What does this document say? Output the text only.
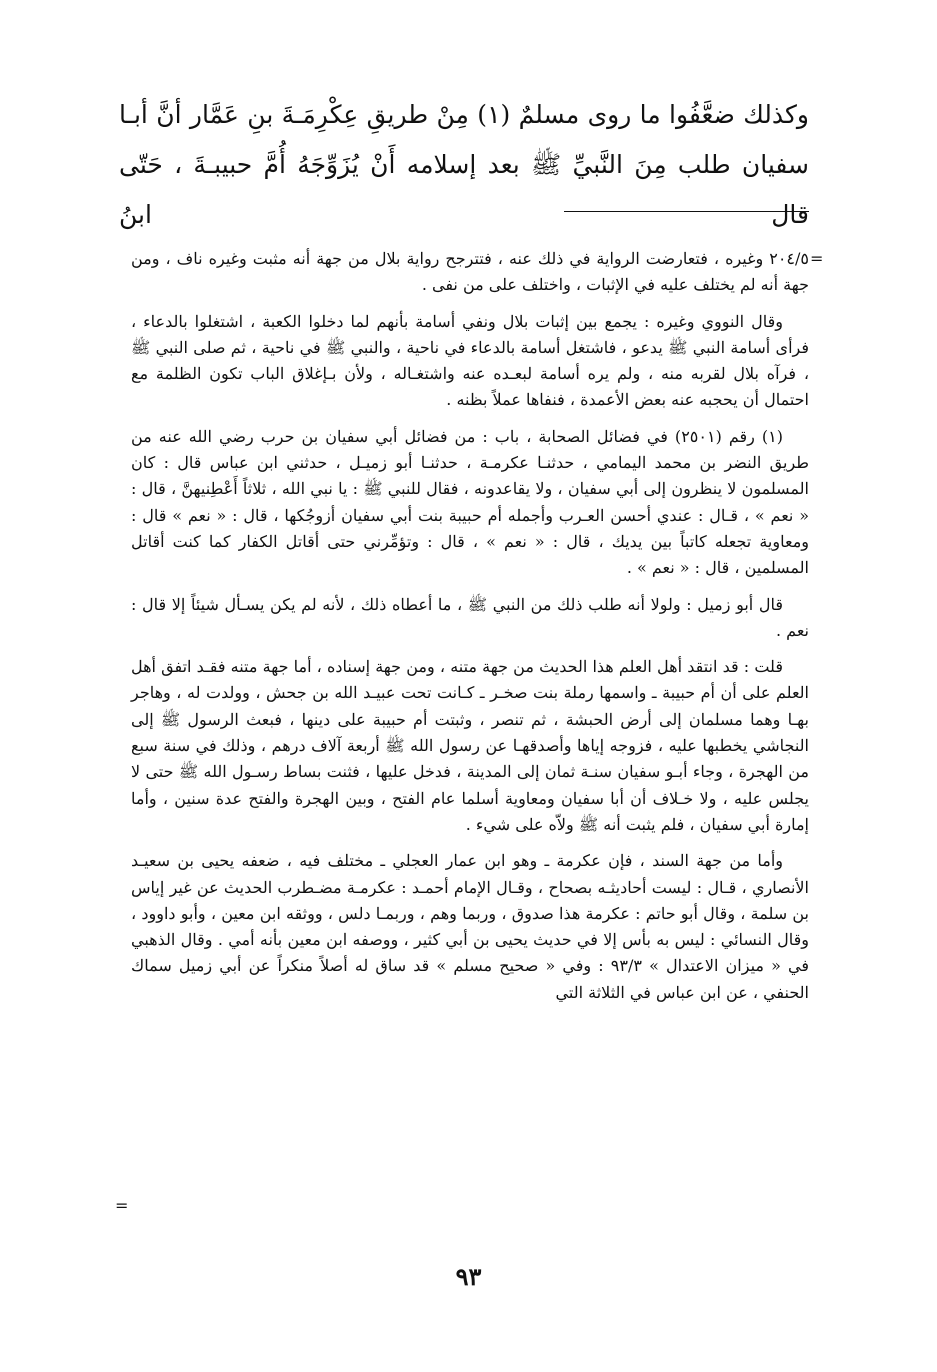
وكذلك ضعَّفُوا ما روى مسلمٌ (١) مِنْ طريقِ عِكْرِمَـةَ بنِ عَمَّار أنَّ أبـا

سفيان طلب مِنَ النَّبيِّ ﷺ بعد إسلامه أَنْ يُزَوِّجَهُ أُمَّ حبيبـةَ ، حَتّى قال ابنُ

=

٢٠٤/٥ وغيره ، فتعارضت الرواية في ذلك عنه ، فتترجح رواية بلال من جهة أنه مثبت وغيره ناف ، ومن جهة أنه لم يختلف عليه في الإثبات ، واختلف على من نفى .

وقال النووي وغيره : يجمع بين إثبات بلال ونفي أسامة بأنهم لما دخلوا الكعبة ، اشتغلوا بالدعاء ، فرأى أسامة النبي ﷺ يدعو ، فاشتغل أسامة بالدعاء في ناحية ، والنبي ﷺ في ناحية ، ثم صلى النبي ﷺ ، فرآه بلال لقربه منه ، ولم يره أسامة لبعـده عنه واشتغـاله ، ولأن بـإغلاق الباب تكون الظلمة مع احتمال أن يحجبه عنه بعض الأعمدة ، فنفاها عملاً بظنه .

(١) رقم (٢٥٠١) في فضائل الصحابة ، باب : من فضائل أبي سفيان بن حرب رضي الله عنه من طريق النضر بن محمد اليمامي ، حدثنـا عكرمـة ، حدثنـا أبو زميـل ، حدثني ابن عباس قال : كان المسلمون لا ينظرون إلى أبي سفيان ، ولا يقاعدونه ، فقال للنبي ﷺ : يا نبي الله ، ثلاثاً أَعْطِنيهنَّ ، قال : « نعم » ، قـال : عندي أحسن العـرب وأجمله أم حبيبة بنت أبي سفيان أزوجُكها ، قال : « نعم » قال : ومعاوية تجعله كاتباً بين يديك ، قال : « نعم » ، قال : وتؤمِّرني حتى أقاتل الكفار كما كنت أقاتل المسلمين ، قال : « نعم » .

قال أبو زميل : ولولا أنه طلب ذلك من النبي ﷺ ، ما أعطاه ذلك ، لأنه لم يكن يسـأل شيئاً إلا قال : نعم .

قلت : قد انتقد أهل العلم هذا الحديث من جهة متنه ، ومن جهة إسناده ، أما جهة متنه فقـد اتفق أهل العلم على أن أم حبيبة ـ واسمها رملة بنت صخـر ـ كـانت تحت عبيـد الله بن جحش ، وولدت له ، وهاجر بهـا وهما مسلمان إلى أرض الحبشة ، ثم تنصر ، وثبتت أم حبيبة على دينها ، فبعث الرسول ﷺ إلى النجاشي يخطبها عليه ، فزوجه إياها وأصدقهـا عن رسول الله ﷺ أربعة آلاف درهم ، وذلك في سنة سبع من الهجرة ، وجاء أبـو سفيان سنـة ثمان إلى المدينة ، فدخل عليها ، فثنت بساط رسـول الله ﷺ حتى لا يجلس عليه ، ولا خـلاف أن أبا سفيان ومعاوية أسلما عام الفتح ، وبين الهجرة والفتح عدة سنين ، وأما إمارة أبي سفيان ، فلم يثبت أنه ﷺ ولاّه على شيء .

وأما من جهة السند ، فإن عكرمة ـ وهو ابن عمار العجلي ـ مختلف فيه ، ضعفه يحيى بن سعيـد الأنصاري ، قـال : ليست أحاديثـه بصحاح ، وقـال الإمام أحمـد : عكرمـة مضـطرب الحديث عن غير إياس بن سلمة ، وقال أبو حاتم : عكرمة هذا صدوق ، وربما وهم ، وربمـا دلس ، ووثقه ابن معين ، وأبو داوود ، وقال النسائي : ليس به بأس إلا في حديث يحيى بن أبي كثير ، ووصفه ابن معين بأنه أمي . وقال الذهبي في « ميزان الاعتدال » ٩٣/٣ : وفي « صحيح مسلم » قد ساق له أصلاً منكراً عن أبي زميل سماك الحنفي ، عن ابن عباس في الثلاثة التي

=
٩٣
